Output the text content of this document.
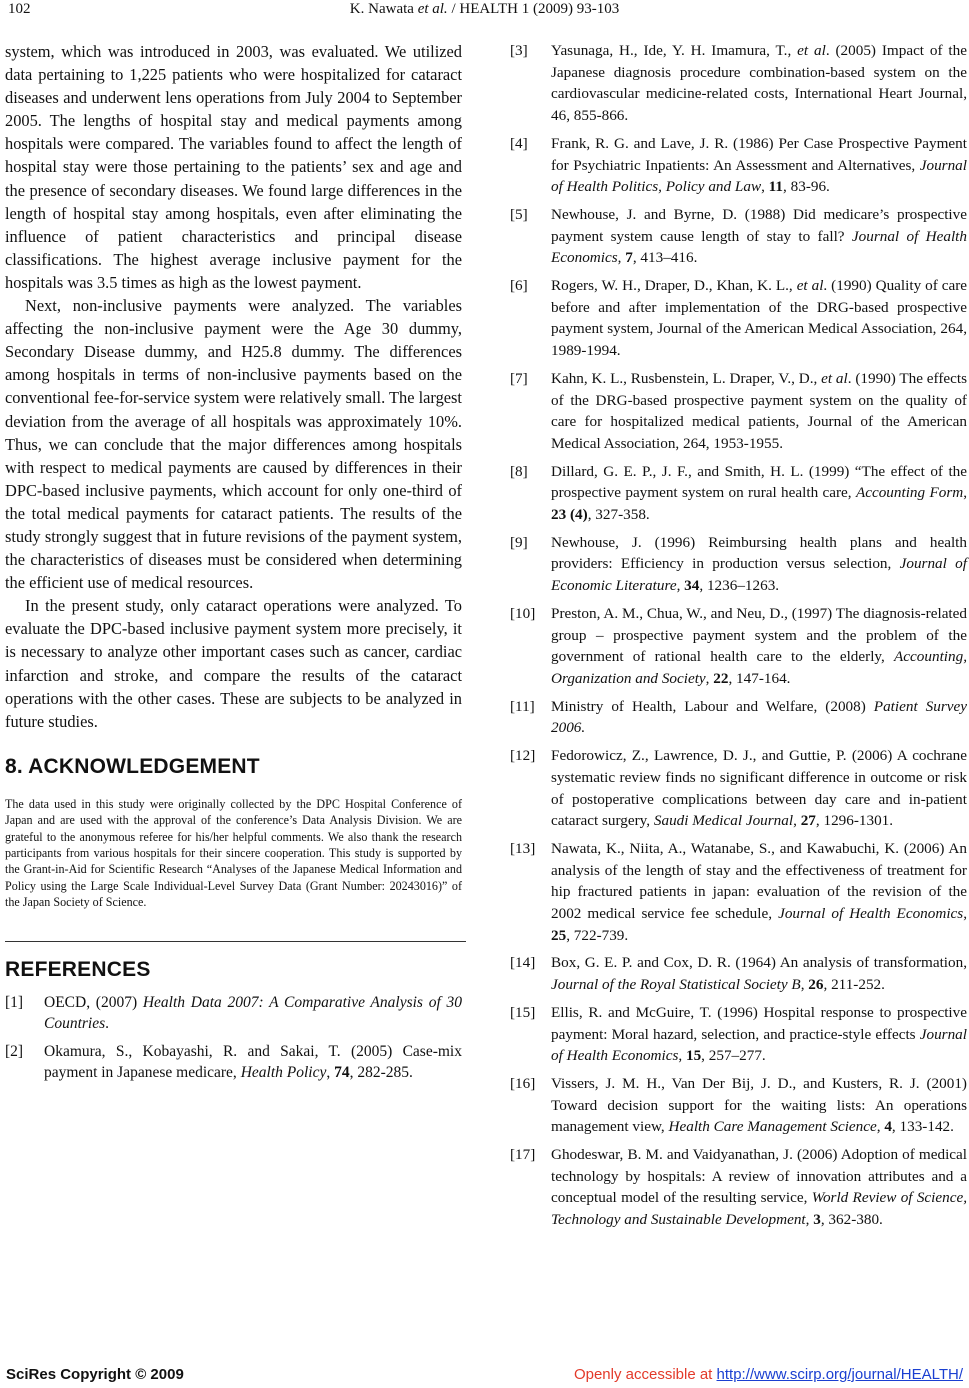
102	K. Nawata et al. / HEALTH 1 (2009) 93-103

system, which was introduced in 2003, was evaluated. We utilized data pertaining to 1,225 patients who were hospitalized for cataract diseases and underwent lens operations from July 2004 to September 2005. The lengths of hospital stay and medical payments among hospitals were compared. The variables found to affect the length of hospital stay were those pertaining to the patients’ sex and age and the presence of secondary diseases. We found large differences in the length of hospital stay among hospitals, even after eliminating the influence of patient characteristics and principal disease classifications. The highest average inclusive payment for the hospitals was 3.5 times as high as the lowest payment.

Next, non-inclusive payments were analyzed. The variables affecting the non-inclusive payment were the Age 30 dummy, Secondary Disease dummy, and H25.8 dummy. The differences among hospitals in terms of non-inclusive payments based on the conventional fee-for-service system were relatively small. The largest deviation from the average of all hospitals was approximately 10%. Thus, we can conclude that the major differences among hospitals with respect to medical payments are caused by differences in their DPC-based inclusive payments, which account for only one-third of the total medical payments for cataract patients. The results of the study strongly suggest that in future revisions of the payment system, the characteristics of diseases must be considered when determining the efficient use of medical resources.

In the present study, only cataract operations were analyzed. To evaluate the DPC-based inclusive payment system more precisely, it is necessary to analyze other important cases such as cancer, cardiac infarction and stroke, and compare the results of the cataract operations with the other cases. These are subjects to be analyzed in future studies.

8. ACKNOWLEDGEMENT

The data used in this study were originally collected by the DPC Hospital Conference of Japan and are used with the approval of the conference’s Data Analysis Division. We are grateful to the anonymous referee for his/her helpful comments. We also thank the research participants from various hospitals for their sincere cooperation. This study is supported by the Grant-in-Aid for Scientific Research “Analyses of the Japanese Medical Information and Policy using the Large Scale Individual-Level Survey Data (Grant Number: 20243016)” of the Japan Society of Science.

REFERENCES
[1] OECD, (2007) Health Data 2007: A Comparative Analysis of 30 Countries.
[2] Okamura, S., Kobayashi, R. and Sakai, T. (2005) Case-mix payment in Japanese medicare, Health Policy, 74, 282-285.
[3] Yasunaga, H., Ide, Y. H. Imamura, T., et al. (2005) Impact of the Japanese diagnosis procedure combination-based system on the cardiovascular medicine-related costs, International Heart Journal, 46, 855-866.
[4] Frank, R. G. and Lave, J. R. (1986) Per Case Prospective Payment for Psychiatric Inpatients: An Assessment and Alternatives, Journal of Health Politics, Policy and Law, 11, 83-96.
[5] Newhouse, J. and Byrne, D. (1988) Did medicare’s prospective payment system cause length of stay to fall? Journal of Health Economics, 7, 413–416.
[6] Rogers, W. H., Draper, D., Khan, K. L., et al. (1990) Quality of care before and after implementation of the DRG-based prospective payment system, Journal of the American Medical Association, 264, 1989-1994.
[7] Kahn, K. L., Rusbenstein, L. Draper, V., D., et al. (1990) The effects of the DRG-based prospective payment system on the quality of care for hospitalized medical patients, Journal of the American Medical Association, 264, 1953-1955.
[8] Dillard, G. E. P., J. F., and Smith, H. L. (1999) “The effect of the prospective payment system on rural health care, Accounting Form, 23 (4), 327-358.
[9] Newhouse, J. (1996) Reimbursing health plans and health providers: Efficiency in production versus selection, Journal of Economic Literature, 34, 1236–1263.
[10] Preston, A. M., Chua, W., and Neu, D., (1997) The diagnosis-related group – prospective payment system and the problem of the government of rational health care to the elderly, Accounting, Organization and Society, 22, 147-164.
[11] Ministry of Health, Labour and Welfare, (2008) Patient Survey 2006.
[12] Fedorowicz, Z., Lawrence, D. J., and Guttie, P. (2006) A cochrane systematic review finds no significant difference in outcome or risk of postoperative complications between day care and in-patient cataract surgery, Saudi Medical Journal, 27, 1296-1301.
[13] Nawata, K., Niita, A., Watanabe, S., and Kawabuchi, K. (2006) An analysis of the length of stay and the effectiveness of treatment for hip fractured patients in japan: evaluation of the revision of the 2002 medical service fee schedule, Journal of Health Economics, 25, 722-739.
[14] Box, G. E. P. and Cox, D. R. (1964) An analysis of transformation, Journal of the Royal Statistical Society B, 26, 211-252.
[15] Ellis, R. and McGuire, T. (1996) Hospital response to prospective payment: Moral hazard, selection, and practice-style effects Journal of Health Economics, 15, 257–277.
[16] Vissers, J. M. H., Van Der Bij, J. D., and Kusters, R. J. (2001) Toward decision support for the waiting lists: An operations management view, Health Care Management Science, 4, 133-142.
[17] Ghodeswar, B. M. and Vaidyanathan, J. (2006) Adoption of medical technology by hospitals: A review of innovation attributes and a conceptual model of the resulting service, World Review of Science, Technology and Sustainable Development, 3, 362-380.
SciRes Copyright © 2009	Openly accessible at http://www.scirp.org/journal/HEALTH/
